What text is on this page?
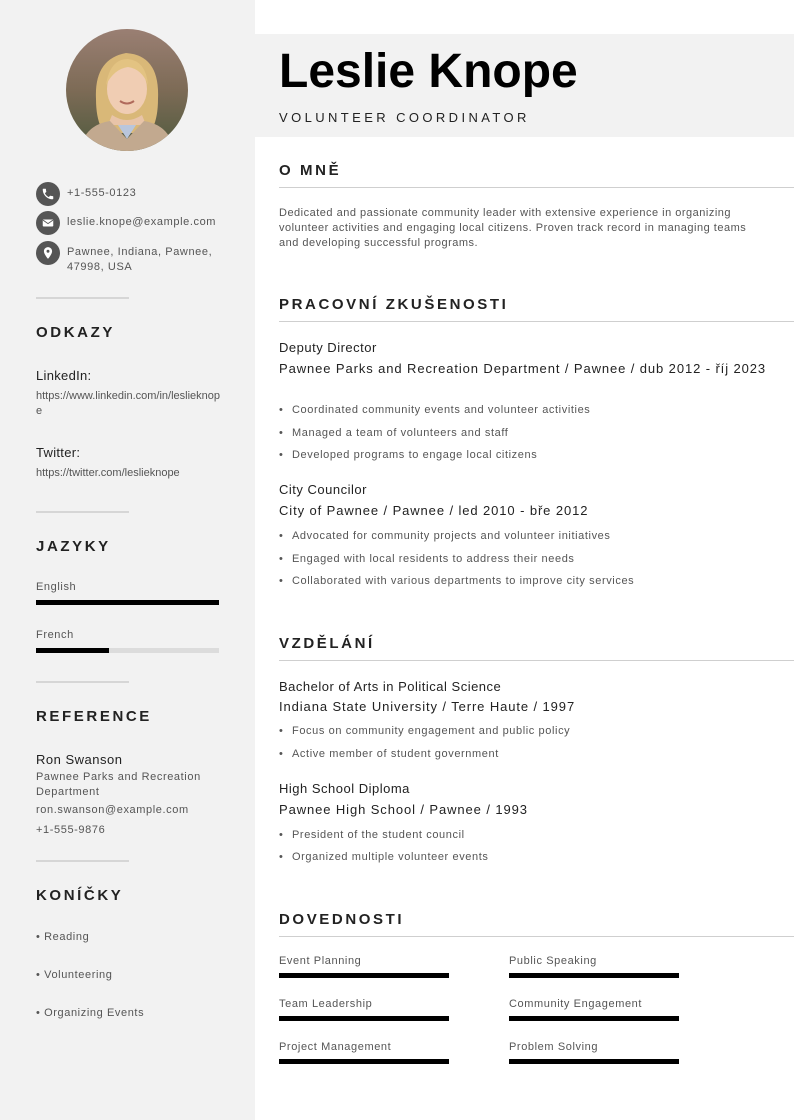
+1-555-0123
leslie.knope@example.com
Pawnee, Indiana, Pawnee,
47998, USA
ODKAZY
LinkedIn:
https://www.linkedin.com/in/leslieknope
Twitter:
https://twitter.com/leslieknope
JAZYKY
English
French
REFERENCE
Ron Swanson
Pawnee Parks and Recreation
Department
ron.swanson@example.com
+1-555-9876
KONÍČKY
• Reading
• Volunteering
• Organizing Events
Leslie Knope
VOLUNTEER COORDINATOR
O MNĚ
Dedicated and passionate community leader with extensive experience in organizing volunteer activities and engaging local citizens. Proven track record in managing teams and developing successful programs.
PRACOVNÍ ZKUŠENOSTI
Deputy Director
Pawnee Parks and Recreation Department / Pawnee / dub 2012 - říj 2023
• Coordinated community events and volunteer activities
• Managed a team of volunteers and staff
• Developed programs to engage local citizens
City Councilor
City of Pawnee / Pawnee / led 2010 - bře 2012
• Advocated for community projects and volunteer initiatives
• Engaged with local residents to address their needs
• Collaborated with various departments to improve city services
VZDĚLÁNÍ
Bachelor of Arts in Political Science
Indiana State University / Terre Haute / 1997
• Focus on community engagement and public policy
• Active member of student government
High School Diploma
Pawnee High School / Pawnee / 1993
• President of the student council
• Organized multiple volunteer events
DOVEDNOSTI
Event Planning	Public Speaking
Team Leadership	Community Engagement
Project Management	Problem Solving
